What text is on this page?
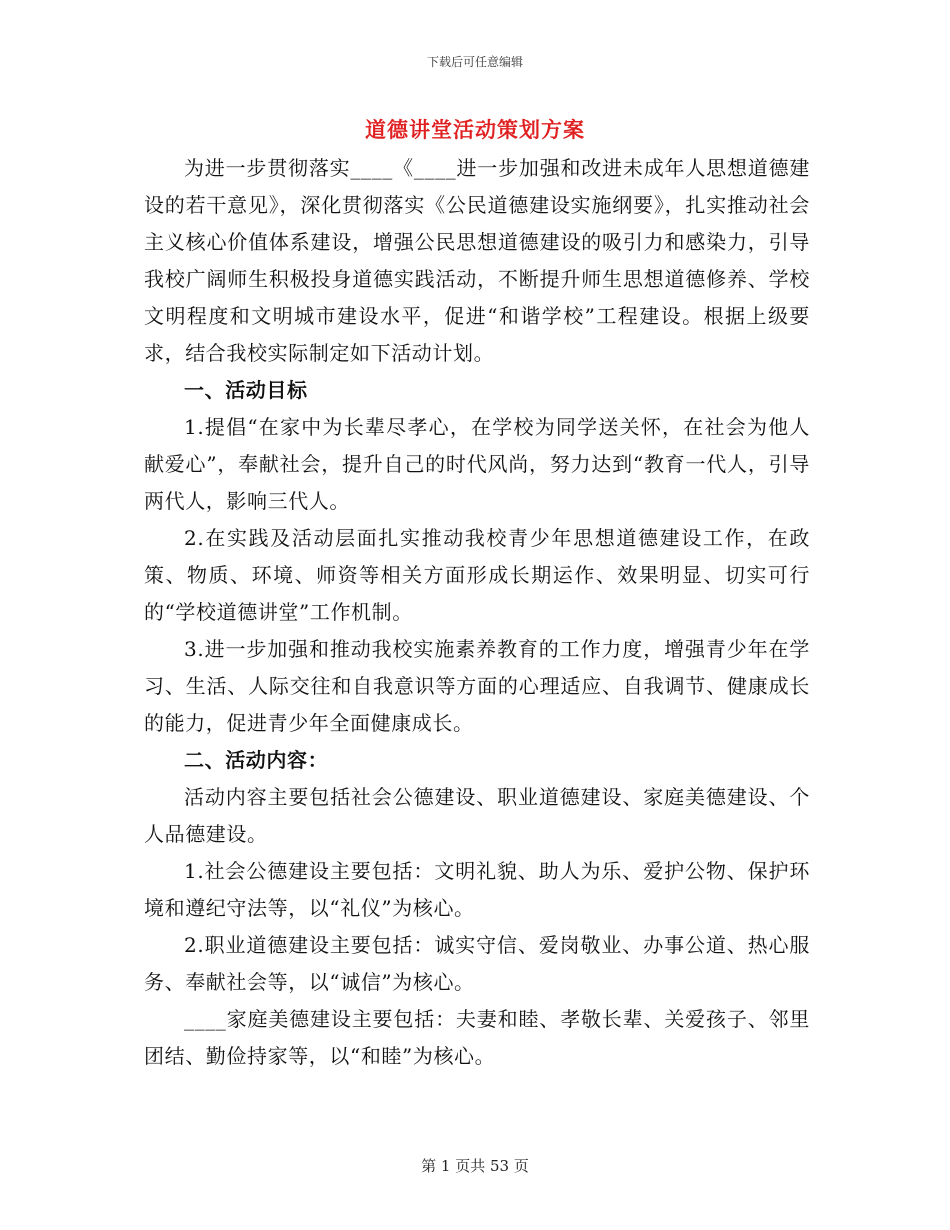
下载后可任意编辑
道德讲堂活动策划方案

为进一步贯彻落实____《____进一步加强和改进未成年人思想道德建设的若干意见》，深化贯彻落实《公民道德建设实施纲要》，扎实推动社会主义核心价值体系建设，增强公民思想道德建设的吸引力和感染力，引导我校广阔师生积极投身道德实践活动，不断提升师生思想道德修养、学校文明程度和文明城市建设水平，促进“和谐学校”工程建设。根据上级要求，结合我校实际制定如下活动计划。

一、活动目标

1.提倡“在家中为长辈尽孝心，在学校为同学送关怀，在社会为他人献爱心”，奉献社会，提升自己的时代风尚，努力达到“教育一代人，引导两代人，影响三代人。

2.在实践及活动层面扎实推动我校青少年思想道德建设工作，在政策、物质、环境、师资等相关方面形成长期运作、效果明显、切实可行的“学校道德讲堂”工作机制。

3.进一步加强和推动我校实施素养教育的工作力度，增强青少年在学习、生活、人际交往和自我意识等方面的心理适应、自我调节、健康成长的能力，促进青少年全面健康成长。

二、活动内容：

活动内容主要包括社会公德建设、职业道德建设、家庭美德建设、个人品德建设。

1.社会公德建设主要包括：文明礼貌、助人为乐、爱护公物、保护环境和遵纪守法等，以“礼仪”为核心。

2.职业道德建设主要包括：诚实守信、爱岗敬业、办事公道、热心服务、奉献社会等，以“诚信”为核心。

____家庭美德建设主要包括：夫妻和睦、孝敬长辈、关爱孩子、邻里团结、勤俭持家等，以“和睦”为核心。

第 1 页共 53 页
